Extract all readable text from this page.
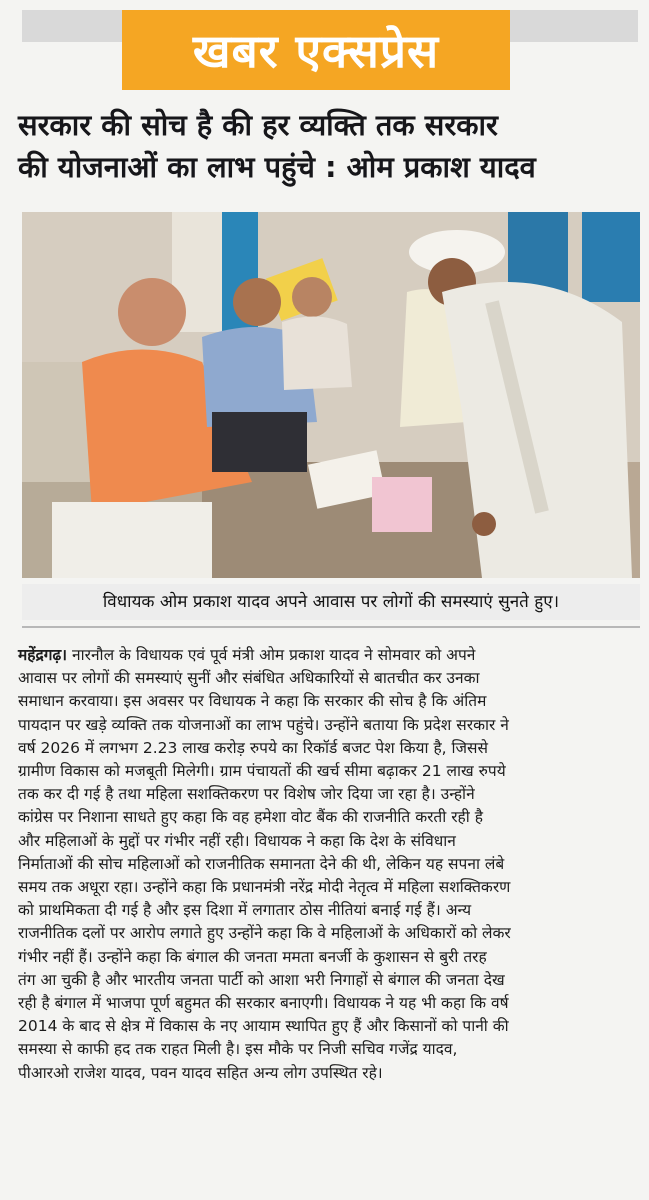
खबर एक्सप्रेस
सरकार की सोच है की हर व्यक्ति तक सरकार
की योजनाओं का लाभ पहुंचे : ओम प्रकाश यादव
विधायक ओम प्रकाश यादव अपने आवास पर लोगों की समस्याएं सुनते हुए।
महेंद्रगढ़। नारनौल के विधायक एवं पूर्व मंत्री ओम प्रकाश यादव ने सोमवार को अपने
आवास पर लोगों की समस्याएं सुनीं और संबंधित अधिकारियों से बातचीत कर उनका
समाधान करवाया। इस अवसर पर विधायक ने कहा कि सरकार की सोच है कि अंतिम
पायदान पर खड़े व्यक्ति तक योजनाओं का लाभ पहुंचे। उन्होंने बताया कि प्रदेश सरकार ने
वर्ष 2026 में लगभग 2.23 लाख करोड़ रुपये का रिकॉर्ड बजट पेश किया है, जिससे
ग्रामीण विकास को मजबूती मिलेगी। ग्राम पंचायतों की खर्च सीमा बढ़ाकर 21 लाख रुपये
तक कर दी गई है तथा महिला सशक्तिकरण पर विशेष जोर दिया जा रहा है। उन्होंने
कांग्रेस पर निशाना साधते हुए कहा कि वह हमेशा वोट बैंक की राजनीति करती रही है
और महिलाओं के मुद्दों पर गंभीर नहीं रही। विधायक ने कहा कि देश के संविधान
निर्माताओं की सोच महिलाओं को राजनीतिक समानता देने की थी, लेकिन यह सपना लंबे
समय तक अधूरा रहा। उन्होंने कहा कि प्रधानमंत्री नरेंद्र मोदी नेतृत्व में महिला सशक्तिकरण
को प्राथमिकता दी गई है और इस दिशा में लगातार ठोस नीतियां बनाई गई हैं। अन्य
राजनीतिक दलों पर आरोप लगाते हुए उन्होंने कहा कि वे महिलाओं के अधिकारों को लेकर
गंभीर नहीं हैं। उन्होंने कहा कि बंगाल की जनता ममता बनर्जी के कुशासन से बुरी तरह
तंग आ चुकी है और भारतीय जनता पार्टी को आशा भरी निगाहों से बंगाल की जनता देख
रही है बंगाल में भाजपा पूर्ण बहुमत की सरकार बनाएगी। विधायक ने यह भी कहा कि वर्ष
2014 के बाद से क्षेत्र में विकास के नए आयाम स्थापित हुए हैं और किसानों को पानी की
समस्या से काफी हद तक राहत मिली है। इस मौके पर निजी सचिव गजेंद्र यादव,
पीआरओ राजेश यादव, पवन यादव सहित अन्य लोग उपस्थित रहे।
